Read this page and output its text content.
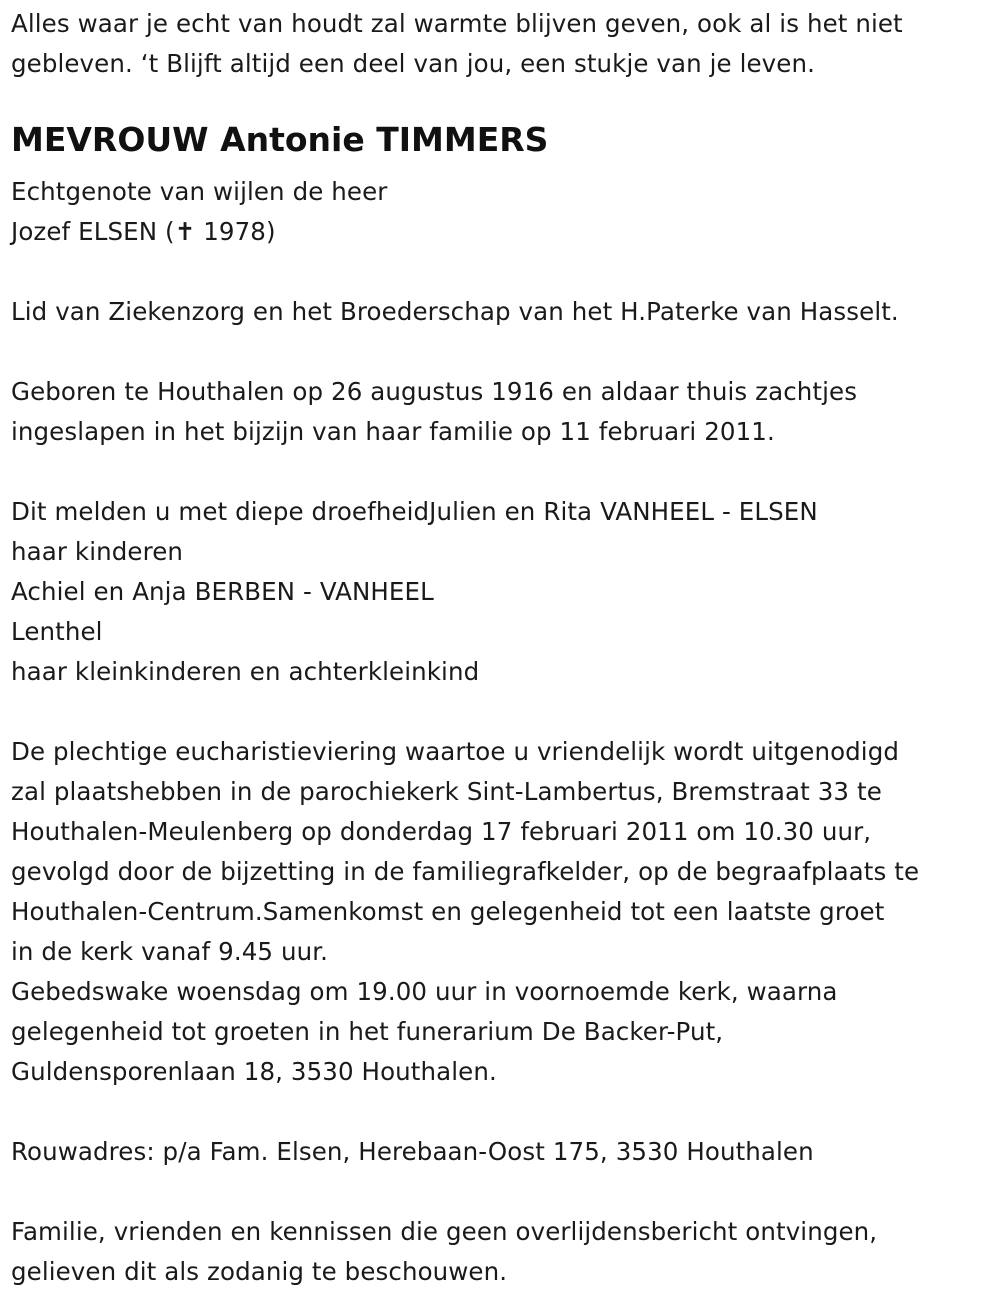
Alles waar je echt van houdt zal warmte blijven geven, ook al is het niet
gebleven. ‘t Blijft altijd een deel van jou, een stukje van je leven.
MEVROUW Antonie TIMMERS
Echtgenote van wijlen de heer
Jozef ELSEN (✝ 1978)
Lid van Ziekenzorg en het Broederschap van het H.Paterke van Hasselt.
Geboren te Houthalen op 26 augustus 1916 en aldaar thuis zachtjes
ingeslapen in het bijzijn van haar familie op 11 februari 2011.
Dit melden u met diepe droefheidJulien en Rita VANHEEL - ELSEN
haar kinderen
Achiel en Anja BERBEN - VANHEEL
Lenthel
haar kleinkinderen en achterkleinkind
De plechtige eucharistieviering waartoe u vriendelijk wordt uitgenodigd
zal plaatshebben in de parochiekerk Sint-Lambertus, Bremstraat 33 te
Houthalen-Meulenberg op donderdag 17 februari 2011 om 10.30 uur,
gevolgd door de bijzetting in de familiegrafkelder, op de begraafplaats te
Houthalen-Centrum.Samenkomst en gelegenheid tot een laatste groet
in de kerk vanaf 9.45 uur.
Gebedswake woensdag om 19.00 uur in voornoemde kerk, waarna
gelegenheid tot groeten in het funerarium De Backer-Put,
Guldensporenlaan 18, 3530 Houthalen.
Rouwadres: p/a Fam. Elsen, Herebaan-Oost 175, 3530 Houthalen
Familie, vrienden en kennissen die geen overlijdensbericht ontvingen,
gelieven dit als zodanig te beschouwen.
